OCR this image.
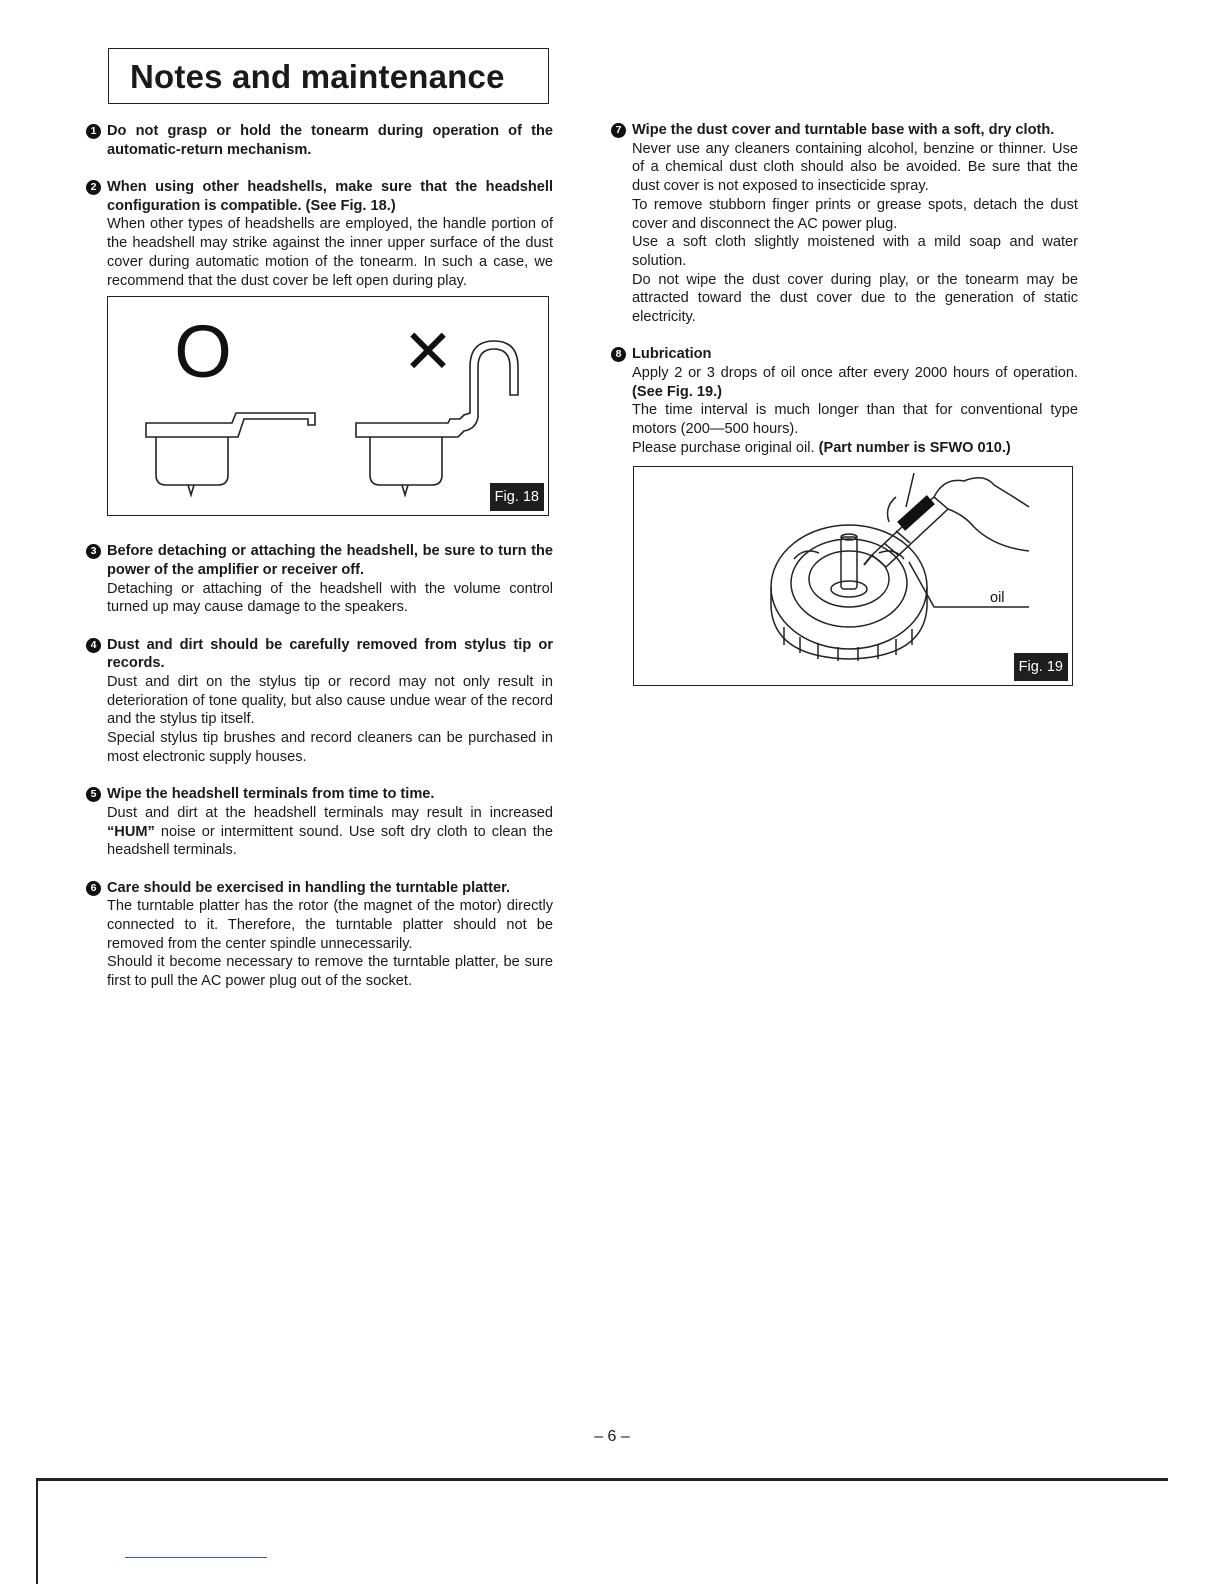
Notes and maintenance
1 Do not grasp or hold the tonearm during operation of the automatic-return mechanism.
2 When using other headshells, make sure that the headshell configuration is compatible. (See Fig. 18.)
When other types of headshells are employed, the handle portion of the headshell may strike against the inner upper surface of the dust cover during automatic motion of the tonearm. In such a case, we recommend that the dust cover be left open during play.
O ×
Fig. 18
3 Before detaching or attaching the headshell, be sure to turn the power of the amplifier or receiver off.
Detaching or attaching of the headshell with the volume control turned up may cause damage to the speakers.
4 Dust and dirt should be carefully removed from stylus tip or records.
Dust and dirt on the stylus tip or record may not only result in deterioration of tone quality, but also cause undue wear of the record and the stylus tip itself.
Special stylus tip brushes and record cleaners can be purchased in most electronic supply houses.
5 Wipe the headshell terminals from time to time.
Dust and dirt at the headshell terminals may result in increased “HUM” noise or intermittent sound. Use soft dry cloth to clean the headshell terminals.
6 Care should be exercised in handling the turntable platter.
The turntable platter has the rotor (the magnet of the motor) directly connected to it. Therefore, the turntable platter should not be removed from the center spindle unnecessarily.
Should it become necessary to remove the turntable platter, be sure first to pull the AC power plug out of the socket.
7 Wipe the dust cover and turntable base with a soft, dry cloth.
Never use any cleaners containing alcohol, benzine or thinner. Use of a chemical dust cloth should also be avoided. Be sure that the dust cover is not exposed to insecticide spray.
To remove stubborn finger prints or grease spots, detach the dust cover and disconnect the AC power plug.
Use a soft cloth slightly moistened with a mild soap and water solution.
Do not wipe the dust cover during play, or the tonearm may be attracted toward the dust cover due to the generation of static electricity.
8 Lubrication
Apply 2 or 3 drops of oil once after every 2000 hours of operation. (See Fig. 19.)
The time interval is much longer than that for conventional type motors (200—500 hours).
Please purchase original oil. (Part number is SFWO 010.)
oil
Fig. 19
– 6 –
